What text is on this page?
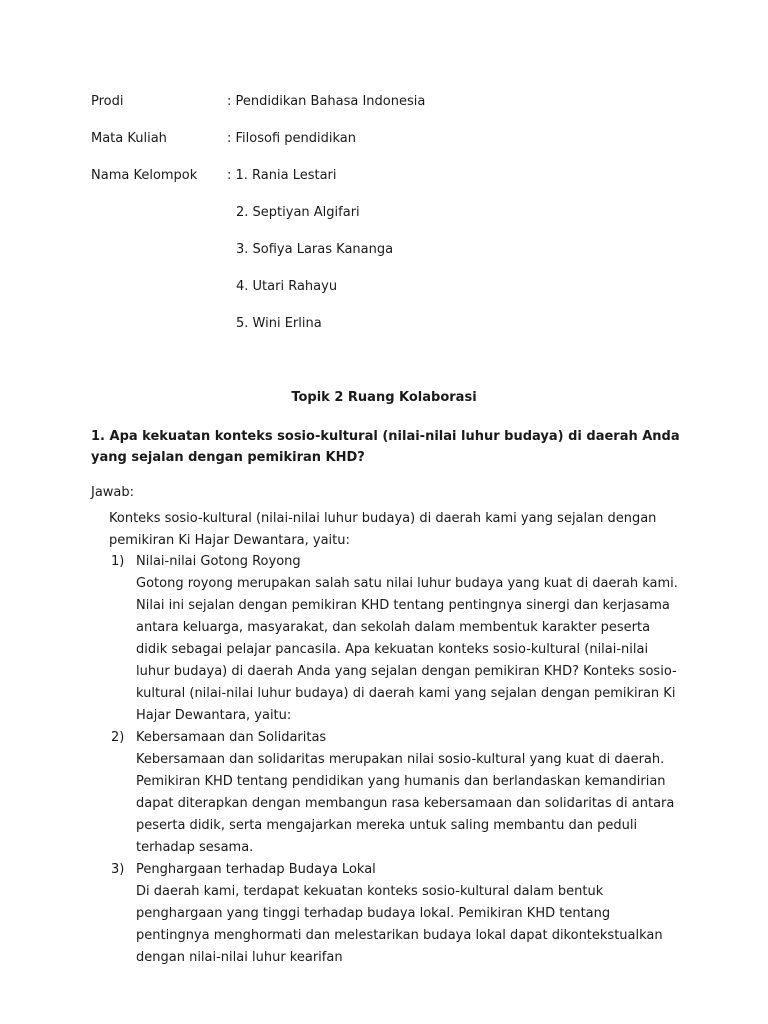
Prodi	: Pendidikan Bahasa Indonesia
Mata Kuliah	: Filosofi pendidikan
Nama Kelompok : 1. Rania Lestari
2. Septiyan Algifari
3. Sofiya Laras Kananga
4. Utari Rahayu
5. Wini Erlina
Topik 2 Ruang Kolaborasi
1. Apa kekuatan konteks sosio-kultural (nilai-nilai luhur budaya) di daerah Anda yang sejalan dengan pemikiran KHD?
Jawab:
Konteks sosio-kultural (nilai-nilai luhur budaya) di daerah kami yang sejalan dengan pemikiran Ki Hajar Dewantara, yaitu:
1) Nilai-nilai Gotong Royong
Gotong royong merupakan salah satu nilai luhur budaya yang kuat di daerah kami. Nilai ini sejalan dengan pemikiran KHD tentang pentingnya sinergi dan kerjasama antara keluarga, masyarakat, dan sekolah dalam membentuk karakter peserta didik sebagai pelajar pancasila. Apa kekuatan konteks sosio-kultural (nilai-nilai luhur budaya) di daerah Anda yang sejalan dengan pemikiran KHD? Konteks sosio-kultural (nilai-nilai luhur budaya) di daerah kami yang sejalan dengan pemikiran Ki Hajar Dewantara, yaitu:
2) Kebersamaan dan Solidaritas
Kebersamaan dan solidaritas merupakan nilai sosio-kultural yang kuat di daerah. Pemikiran KHD tentang pendidikan yang humanis dan berlandaskan kemandirian dapat diterapkan dengan membangun rasa kebersamaan dan solidaritas di antara peserta didik, serta mengajarkan mereka untuk saling membantu dan peduli terhadap sesama.
3) Penghargaan terhadap Budaya Lokal
Di daerah kami, terdapat kekuatan konteks sosio-kultural dalam bentuk penghargaan yang tinggi terhadap budaya lokal. Pemikiran KHD tentang pentingnya menghormati dan melestarikan budaya lokal dapat dikontekstualkan dengan nilai-nilai luhur kearifan
